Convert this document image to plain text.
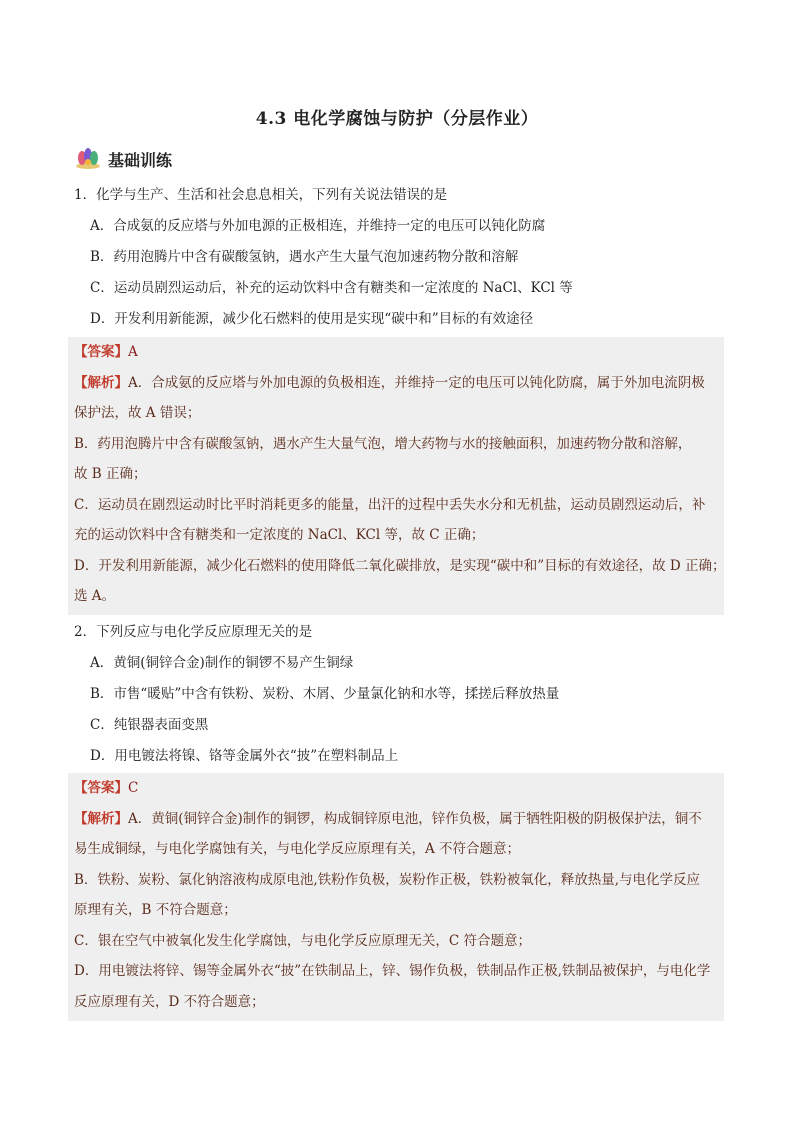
4.3 电化学腐蚀与防护（分层作业）
基础训练
1．化学与生产、生活和社会息息相关，下列有关说法错误的是
A．合成氨的反应塔与外加电源的正极相连，并维持一定的电压可以钝化防腐
B．药用泡腾片中含有碳酸氢钠，遇水产生大量气泡加速药物分散和溶解
C．运动员剧烈运动后，补充的运动饮料中含有糖类和一定浓度的 NaCl、KCl 等
D．开发利用新能源，减少化石燃料的使用是实现“碳中和”目标的有效途径
【答案】A
【解析】A．合成氨的反应塔与外加电源的负极相连，并维持一定的电压可以钝化防腐，属于外加电流阴极
保护法，故 A 错误；
B．药用泡腾片中含有碳酸氢钠，遇水产生大量气泡，增大药物与水的接触面积，加速药物分散和溶解，
故 B 正确；
C．运动员在剧烈运动时比平时消耗更多的能量，出汗的过程中丢失水分和无机盐，运动员剧烈运动后，补
充的运动饮料中含有糖类和一定浓度的 NaCl、KCl 等，故 C 正确；
D．开发利用新能源，减少化石燃料的使用降低二氧化碳排放，是实现“碳中和”目标的有效途径，故 D 正确；
选 A。
2．下列反应与电化学反应原理无关的是
A．黄铜(铜锌合金)制作的铜锣不易产生铜绿
B．市售“暖贴”中含有铁粉、炭粉、木屑、少量氯化钠和水等，揉搓后释放热量
C．纯银器表面变黑
D．用电镀法将镍、铬等金属外衣“披”在塑料制品上
【答案】C
【解析】A．黄铜(铜锌合金)制作的铜锣，构成铜锌原电池，锌作负极，属于牺牲阳极的阴极保护法，铜不
易生成铜绿，与电化学腐蚀有关，与电化学反应原理有关，A 不符合题意；
B．铁粉、炭粉、氯化钠溶液构成原电池,铁粉作负极，炭粉作正极，铁粉被氧化，释放热量,与电化学反应
原理有关，B 不符合题意；
C．银在空气中被氧化发生化学腐蚀，与电化学反应原理无关，C 符合题意；
D．用电镀法将锌、锡等金属外衣“披”在铁制品上，锌、锡作负极，铁制品作正极,铁制品被保护，与电化学
反应原理有关，D 不符合题意；
